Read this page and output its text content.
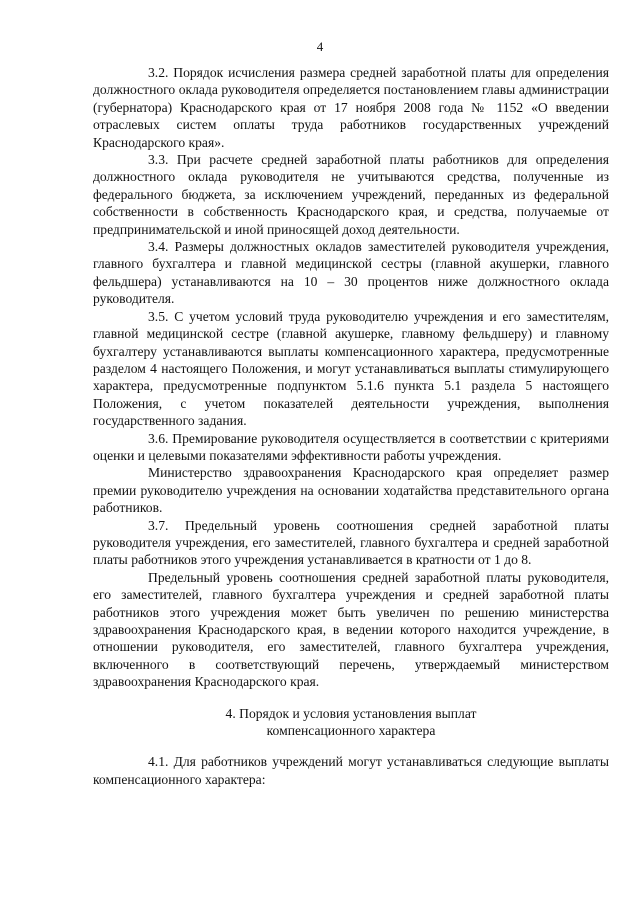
4

3.2. Порядок исчисления размера средней заработной платы для определения должностного оклада руководителя определяется постановлением главы администрации (губернатора) Краснодарского края от 17 ноября 2008 года № 1152 «О введении отраслевых систем оплаты труда работников государственных учреждений Краснодарского края».

3.3. При расчете средней заработной платы работников для определения должностного оклада руководителя не учитываются средства, полученные из федерального бюджета, за исключением учреждений, переданных из федеральной собственности в собственность Краснодарского края, и средства, получаемые от предпринимательской и иной приносящей доход деятельности.

3.4. Размеры должностных окладов заместителей руководителя учреждения, главного бухгалтера и главной медицинской сестры (главной акушерки, главного фельдшера) устанавливаются на 10 – 30 процентов ниже должностного оклада руководителя.

3.5. С учетом условий труда руководителю учреждения и его заместителям, главной медицинской сестре (главной акушерке, главному фельдшеру) и главному бухгалтеру устанавливаются выплаты компенсационного характера, предусмотренные разделом 4 настоящего Положения, и могут устанавливаться выплаты стимулирующего характера, предусмотренные подпунктом 5.1.6 пункта 5.1 раздела 5 настоящего Положения, с учетом показателей деятельности учреждения, выполнения государственного задания.

3.6. Премирование руководителя осуществляется в соответствии с критериями оценки и целевыми показателями эффективности работы учреждения.

Министерство здравоохранения Краснодарского края определяет размер премии руководителю учреждения на основании ходатайства представительного органа работников.

3.7. Предельный уровень соотношения средней заработной платы руководителя учреждения, его заместителей, главного бухгалтера и средней заработной платы работников этого учреждения устанавливается в кратности от 1 до 8.

Предельный уровень соотношения средней заработной платы руководителя, его заместителей, главного бухгалтера учреждения и средней заработной платы работников этого учреждения может быть увеличен по решению министерства здравоохранения Краснодарского края, в ведении которого находится учреждение, в отношении руководителя, его заместителей, главного бухгалтера учреждения, включенного в соответствующий перечень, утверждаемый министерством здравоохранения Краснодарского края.

4. Порядок и условия установления выплат
компенсационного характера

4.1. Для работников учреждений могут устанавливаться следующие выплаты компенсационного характера:
